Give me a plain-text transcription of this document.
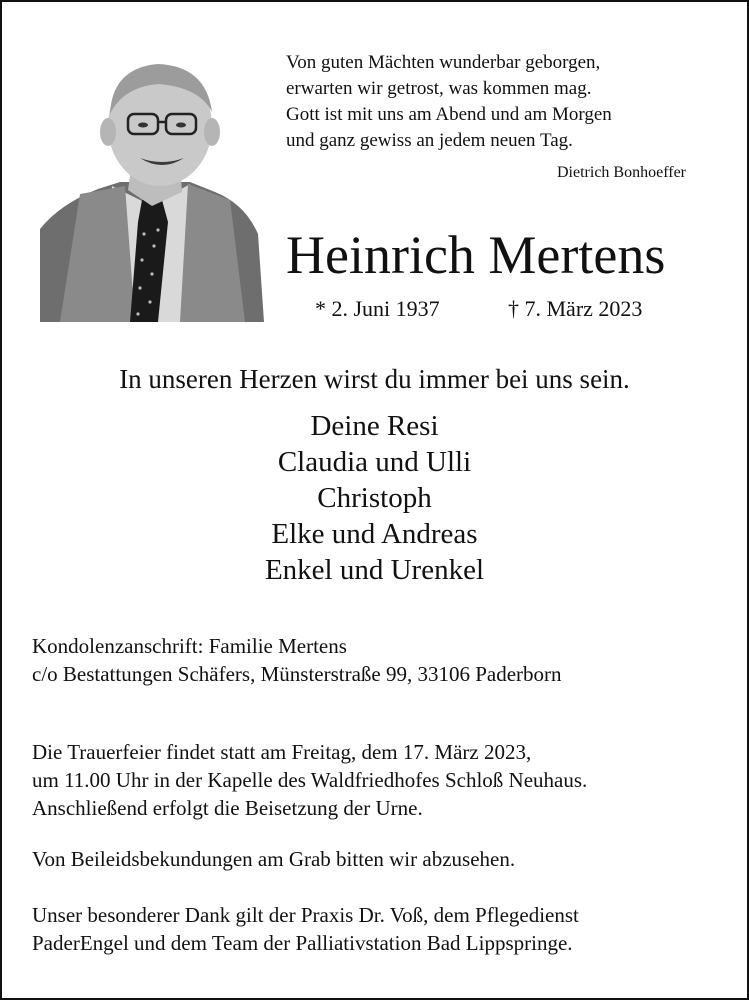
Von guten Mächten wunderbar geborgen,
erwarten wir getrost, was kommen mag.
Gott ist mit uns am Abend und am Morgen
und ganz gewiss an jedem neuen Tag.
Dietrich Bonhoeffer
Heinrich Mertens
* 2. Juni 1937	† 7. März 2023
In unseren Herzen wirst du immer bei uns sein.
Deine Resi
Claudia und Ulli
Christoph
Elke und Andreas
Enkel und Urenkel
Kondolenzanschrift: Familie Mertens
c/o Bestattungen Schäfers, Münsterstraße 99, 33106 Paderborn
Die Trauerfeier findet statt am Freitag, dem 17. März 2023,
um 11.00 Uhr in der Kapelle des Waldfriedhofes Schloß Neuhaus.
Anschließend erfolgt die Beisetzung der Urne.
Von Beileidsbekundungen am Grab bitten wir abzusehen.
Unser besonderer Dank gilt der Praxis Dr. Voß, dem Pflegedienst
PaderEngel und dem Team der Palliativstation Bad Lippspringe.
